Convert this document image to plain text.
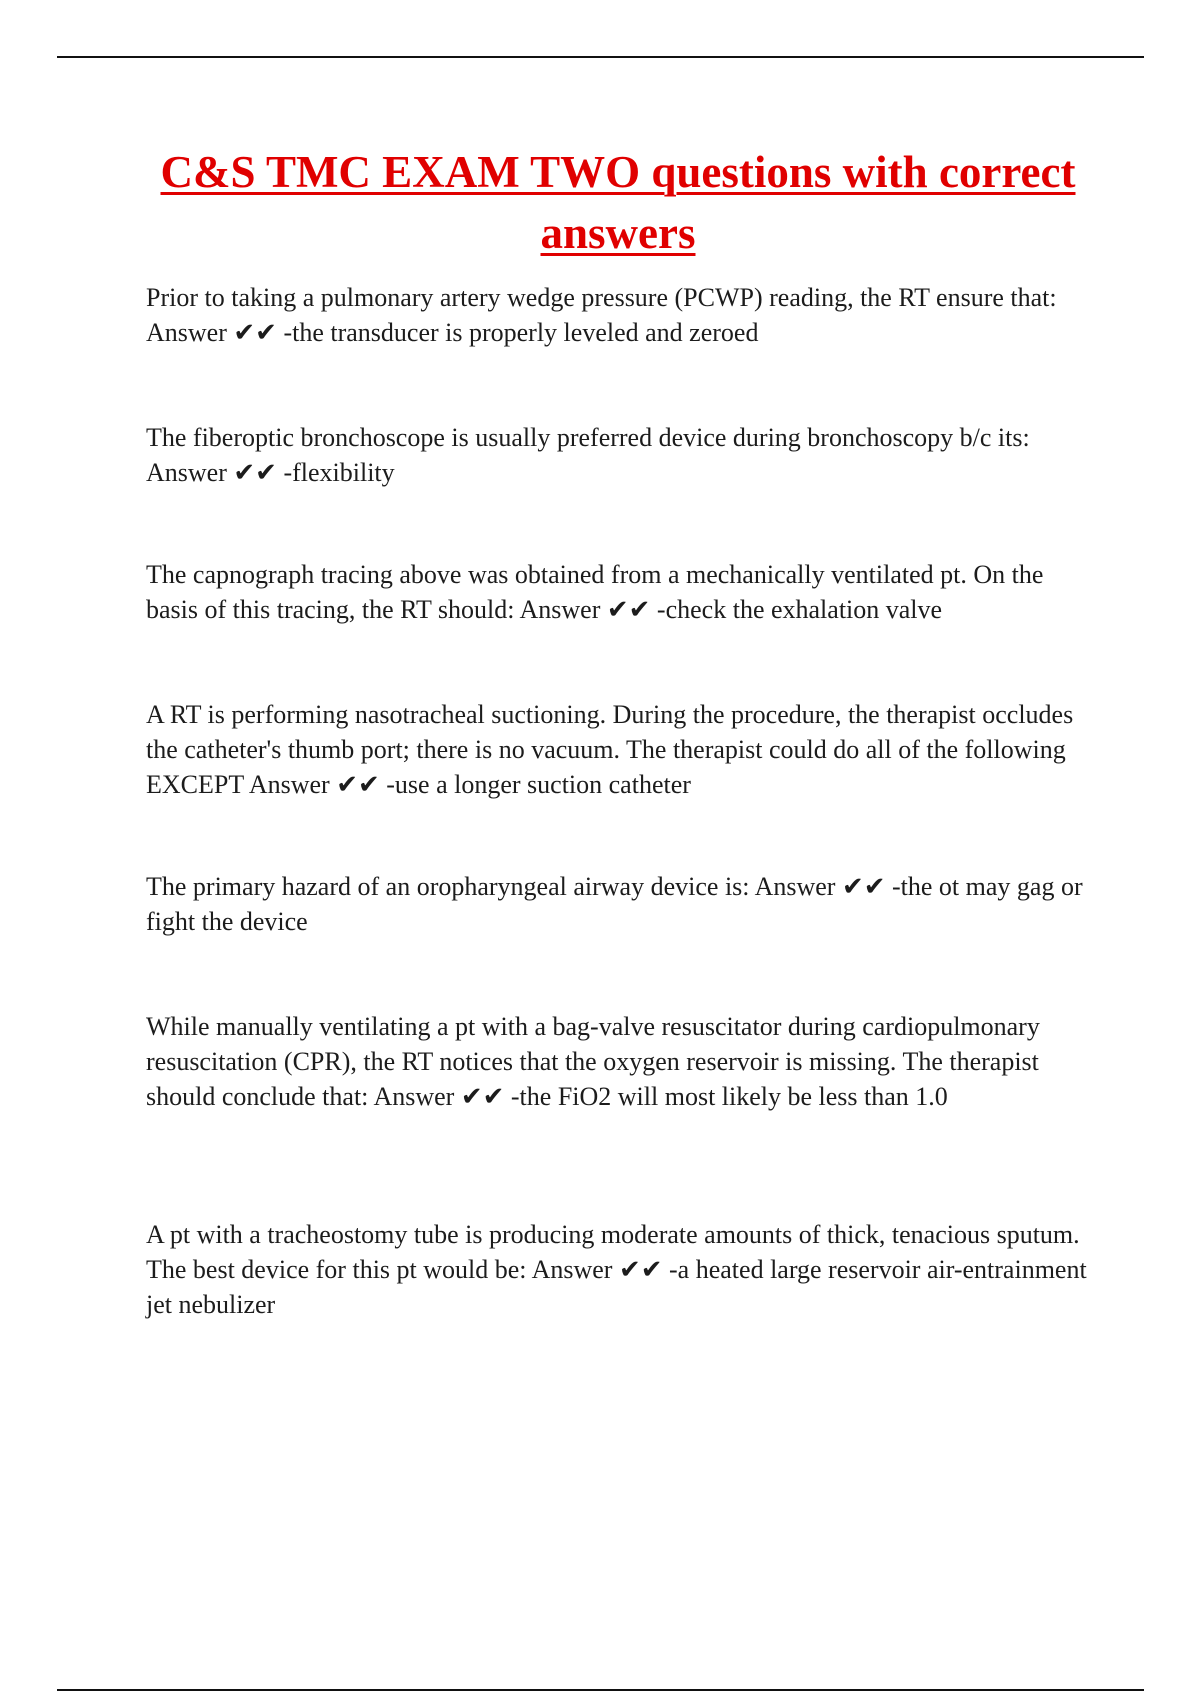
C&S TMC EXAM TWO questions with correct answers

Prior to taking a pulmonary artery wedge pressure (PCWP) reading, the RT ensure that: Answer ✔✔ -the transducer is properly leveled and zeroed

The fiberoptic bronchoscope is usually preferred device during bronchoscopy b/c its: Answer ✔✔ -flexibility

The capnograph tracing above was obtained from a mechanically ventilated pt. On the basis of this tracing, the RT should: Answer ✔✔ -check the exhalation valve

A RT is performing nasotracheal suctioning. During the procedure, the therapist occludes the catheter's thumb port; there is no vacuum. The therapist could do all of the following EXCEPT Answer ✔✔ -use a longer suction catheter

The primary hazard of an oropharyngeal airway device is: Answer ✔✔ -the ot may gag or fight the device

While manually ventilating a pt with a bag-valve resuscitator during cardiopulmonary resuscitation (CPR), the RT notices that the oxygen reservoir is missing. The therapist should conclude that: Answer ✔✔ -the FiO2 will most likely be less than 1.0

A pt with a tracheostomy tube is producing moderate amounts of thick, tenacious sputum. The best device for this pt would be: Answer ✔✔ -a heated large reservoir air-entrainment jet nebulizer
